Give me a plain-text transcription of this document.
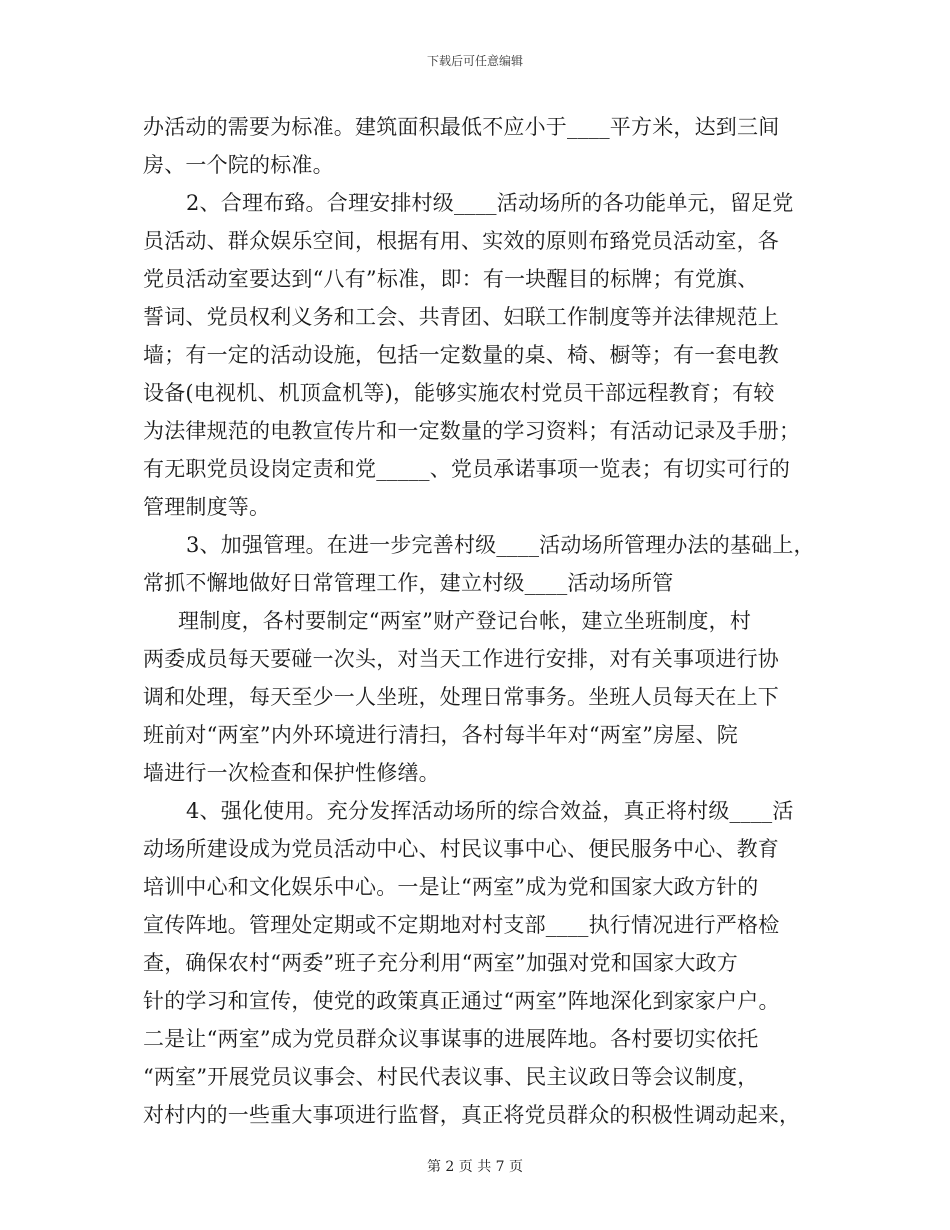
下载后可任意编辑
办活动的需要为标准。建筑面积最低不应小于____平方米，达到三间
房、一个院的标准。
2、合理布臵。合理安排村级____活动场所的各功能单元，留足党
员活动、群众娱乐空间，根据有用、实效的原则布臵党员活动室，各
党员活动室要达到“八有”标准，即：有一块醒目的标牌；有党旗、
誓词、党员权利义务和工会、共青团、妇联工作制度等并法律规范上
墙；有一定的活动设施，包括一定数量的桌、椅、橱等；有一套电教
设备(电视机、机顶盒机等)，能够实施农村党员干部远程教育；有较
为法律规范的电教宣传片和一定数量的学习资料；有活动记录及手册；
有无职党员设岗定责和党_____、党员承诺事项一览表；有切实可行的
管理制度等。
3、加强管理。在进一步完善村级____活动场所管理办法的基础上，
常抓不懈地做好日常管理工作，建立村级____活动场所管
理制度，各村要制定“两室”财产登记台帐，建立坐班制度，村
两委成员每天要碰一次头，对当天工作进行安排，对有关事项进行协
调和处理，每天至少一人坐班，处理日常事务。坐班人员每天在上下
班前对“两室”内外环境进行清扫，各村每半年对“两室”房屋、院
墙进行一次检查和保护性修缮。
4、强化使用。充分发挥活动场所的综合效益，真正将村级____活
动场所建设成为党员活动中心、村民议事中心、便民服务中心、教育
培训中心和文化娱乐中心。一是让“两室”成为党和国家大政方针的
宣传阵地。管理处定期或不定期地对村支部____执行情况进行严格检
查，确保农村“两委”班子充分利用“两室”加强对党和国家大政方
针的学习和宣传，使党的政策真正通过“两室”阵地深化到家家户户。
二是让“两室”成为党员群众议事谋事的进展阵地。各村要切实依托
“两室”开展党员议事会、村民代表议事、民主议政日等会议制度，
对村内的一些重大事项进行监督，真正将党员群众的积极性调动起来，
第 2 页 共 7 页
